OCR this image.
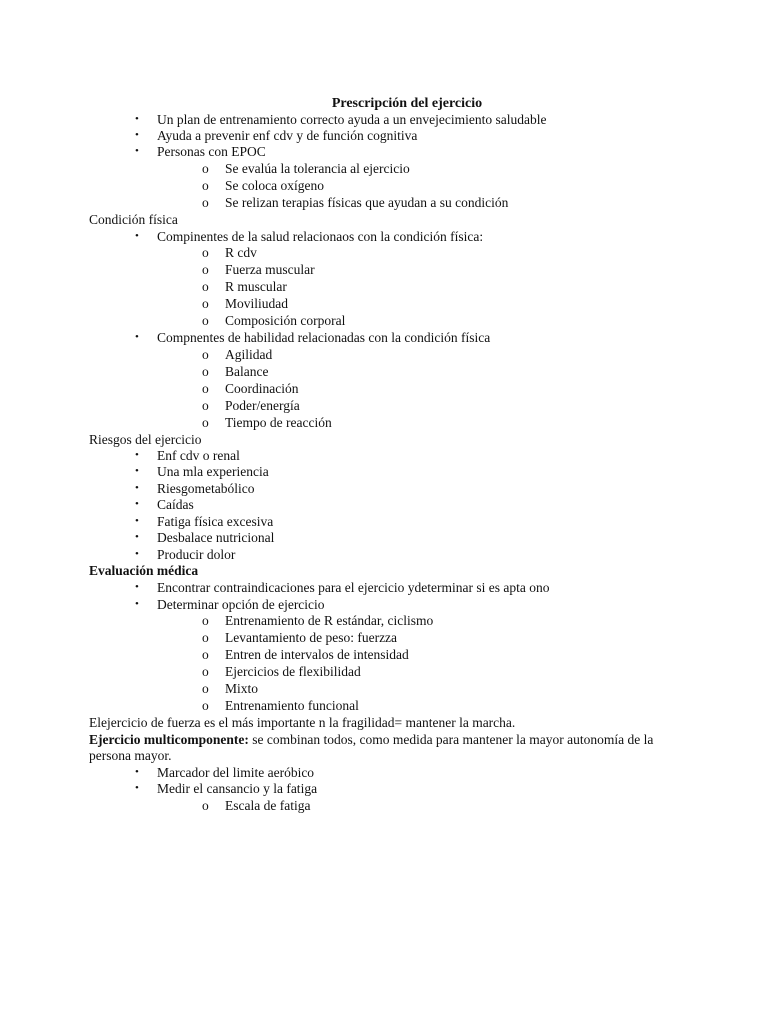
Prescripción del ejercicio
• Un plan de entrenamiento correcto ayuda a un envejecimiento saludable
• Ayuda a prevenir enf cdv y de función cognitiva
• Personas con EPOC
o Se evalúa la tolerancia al ejercicio
o Se coloca oxígeno
o Se relizan terapias físicas que ayudan a su condición
Condición física
• Compinentes de la salud relacionaos con la condición física:
o R cdv
o Fuerza muscular
o R muscular
o Moviliudad
o Composición corporal
• Compnentes de habilidad relacionadas con la condición física
o Agilidad
o Balance
o Coordinación
o Poder/energía
o Tiempo de reacción
Riesgos del ejercicio
• Enf cdv o renal
• Una mla experiencia
• Riesgometabólico
• Caídas
• Fatiga física excesiva
• Desbalace nutricional
• Producir dolor
Evaluación médica
• Encontrar contraindicaciones para el ejercicio ydeterminar si es apta ono
• Determinar opción de ejercicio
o Entrenamiento de R estándar, ciclismo
o Levantamiento de peso: fuerzza
o Entren de intervalos de intensidad
o Ejercicios de flexibilidad
o Mixto
o Entrenamiento funcional
Elejercicio de fuerza es el más importante n la fragilidad= mantener la marcha.
Ejercicio multicomponente: se combinan todos, como medida para mantener la mayor autonomía de la
persona mayor.
• Marcador del limite aeróbico
• Medir el cansancio y la fatiga
o Escala de fatiga
